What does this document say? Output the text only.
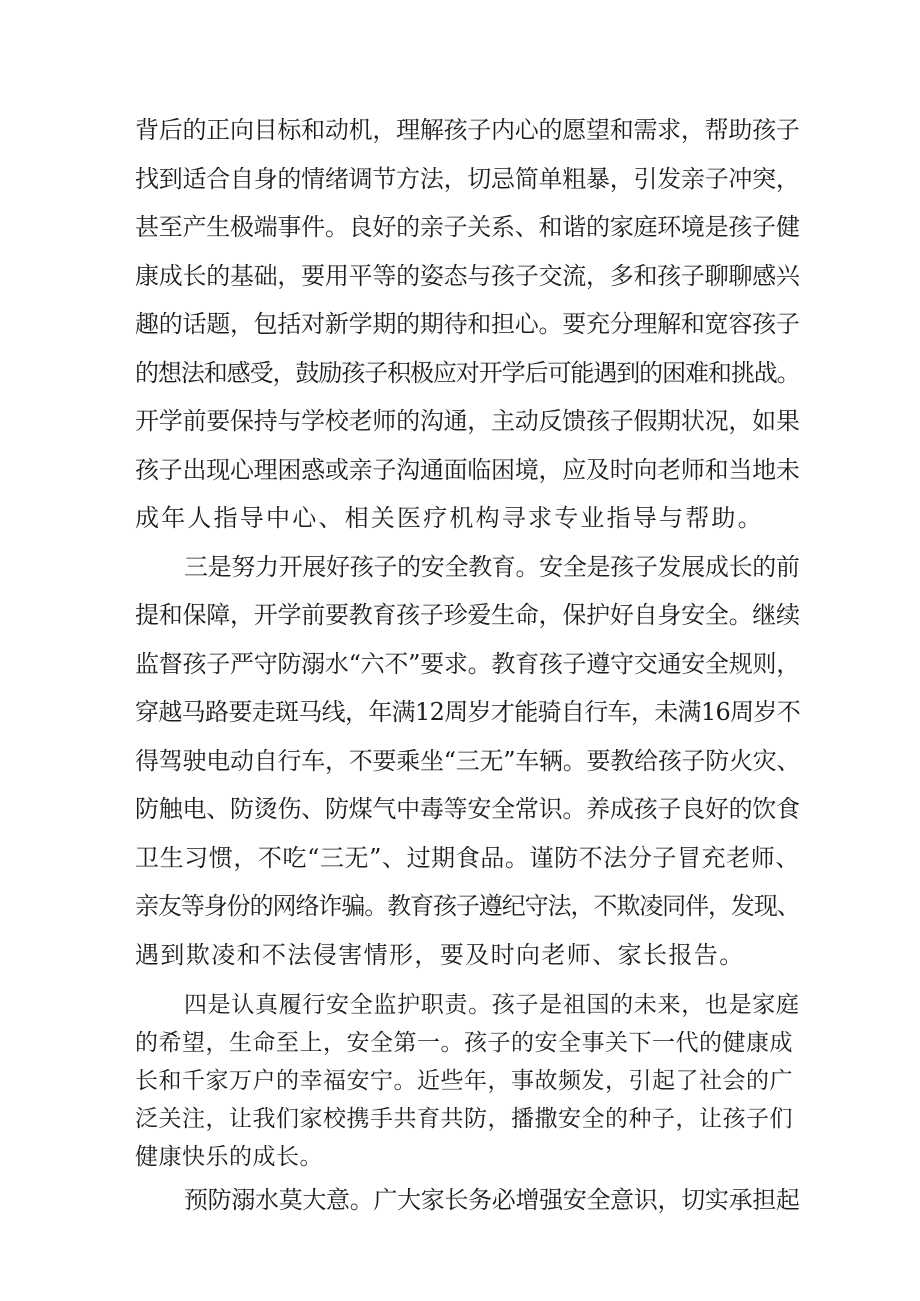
背后的正向目标和动机，理解孩子内心的愿望和需求，帮助孩子

找到适合自身的情绪调节方法，切忌简单粗暴，引发亲子冲突，

甚至产生极端事件。良好的亲子关系、和谐的家庭环境是孩子健

康成长的基础，要用平等的姿态与孩子交流，多和孩子聊聊感兴

趣的话题，包括对新学期的期待和担心。要充分理解和宽容孩子

的想法和感受，鼓励孩子积极应对开学后可能遇到的困难和挑战。

开学前要保持与学校老师的沟通，主动反馈孩子假期状况，如果

孩子出现心理困惑或亲子沟通面临困境，应及时向老师和当地未

成年人指导中心、相关医疗机构寻求专业指导与帮助。

三是努力开展好孩子的安全教育。安全是孩子发展成长的前

提和保障，开学前要教育孩子珍爱生命，保护好自身安全。继续

监督孩子严守防溺水“六不”要求。教育孩子遵守交通安全规则，

穿越马路要走斑马线，年满12周岁才能骑自行车，未满16周岁不

得驾驶电动自行车，不要乘坐“三无”车辆。要教给孩子防火灾、

防触电、防烫伤、防煤气中毒等安全常识。养成孩子良好的饮食

卫生习惯，不吃“三无”、过期食品。谨防不法分子冒充老师、

亲友等身份的网络诈骗。教育孩子遵纪守法，不欺凌同伴，发现、

遇到欺凌和不法侵害情形，要及时向老师、家长报告。

四是认真履行安全监护职责。孩子是祖国的未来，也是家庭

的希望，生命至上，安全第一。孩子的安全事关下一代的健康成

长和千家万户的幸福安宁。近些年，事故频发，引起了社会的广

泛关注，让我们家校携手共育共防，播撒安全的种子，让孩子们

健康快乐的成长。

预防溺水莫大意。广大家长务必增强安全意识，切实承担起
